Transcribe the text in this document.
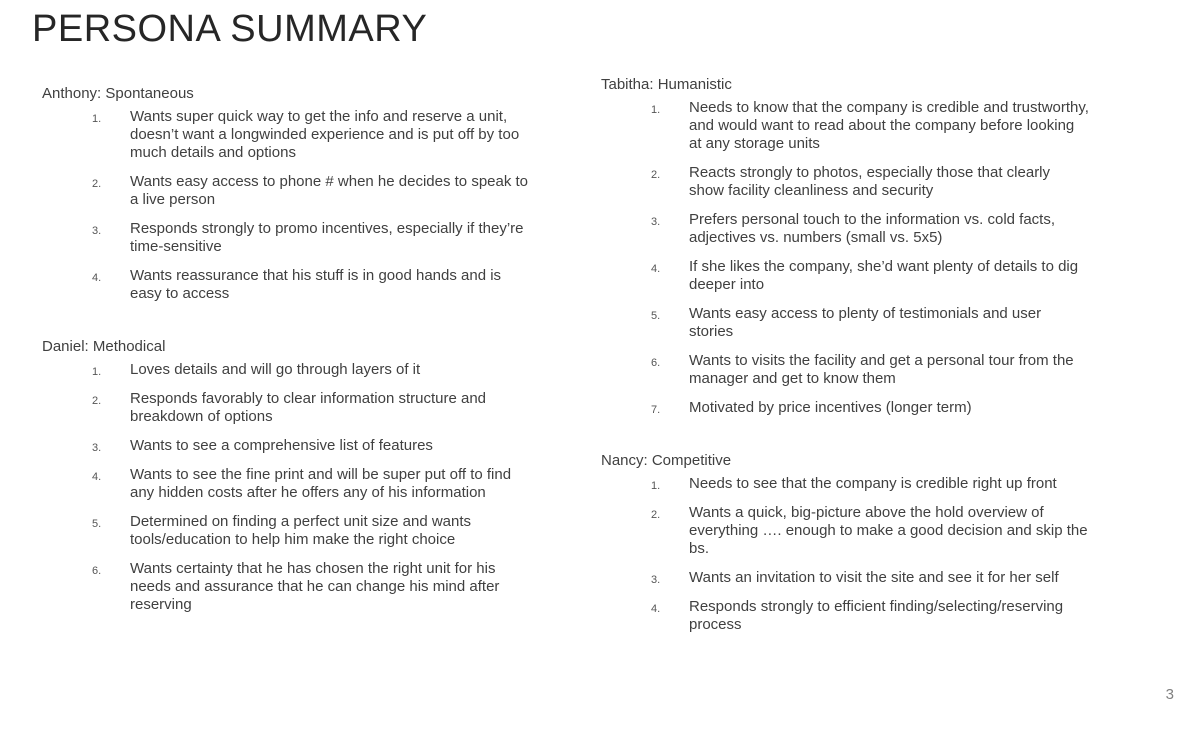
PERSONA SUMMARY
Anthony: Spontaneous
1. Wants super quick way to get the info and reserve a unit, doesn’t want a longwinded experience and is put off by too much details and options
2. Wants easy access to phone # when he decides to speak to a live person
3. Responds strongly to promo incentives, especially if they’re time-sensitive
4. Wants reassurance that his stuff is in good hands and is easy to access
Daniel: Methodical
1. Loves details and will go through layers of it
2. Responds favorably to clear information structure and breakdown of options
3. Wants to see a comprehensive list of features
4. Wants to see the fine print and will be super put off to find any hidden costs after he offers any of his information
5. Determined on finding a perfect unit size and wants tools/education to help him make the right choice
6. Wants certainty that he has chosen the right unit for his needs and assurance that he can change his mind after reserving
Tabitha: Humanistic
1. Needs to know that the company is credible and trustworthy, and would want to read about the company before looking at any storage units
2. Reacts strongly to photos, especially those that clearly show facility cleanliness and security
3. Prefers personal touch to the information vs. cold facts, adjectives vs. numbers (small vs. 5x5)
4. If she likes the company, she’d want plenty of details to dig deeper into
5. Wants easy access to plenty of testimonials and user stories
6. Wants to visits the facility and get a personal tour from the manager and get to know them
7. Motivated by price incentives (longer term)
Nancy: Competitive
1. Needs to see that the company is credible right up front
2. Wants a quick, big-picture above the hold overview of everything …. enough to make a good decision and skip the bs.
3. Wants an invitation to visit the site and see it for her self
4. Responds strongly to efficient finding/selecting/reserving process
3
